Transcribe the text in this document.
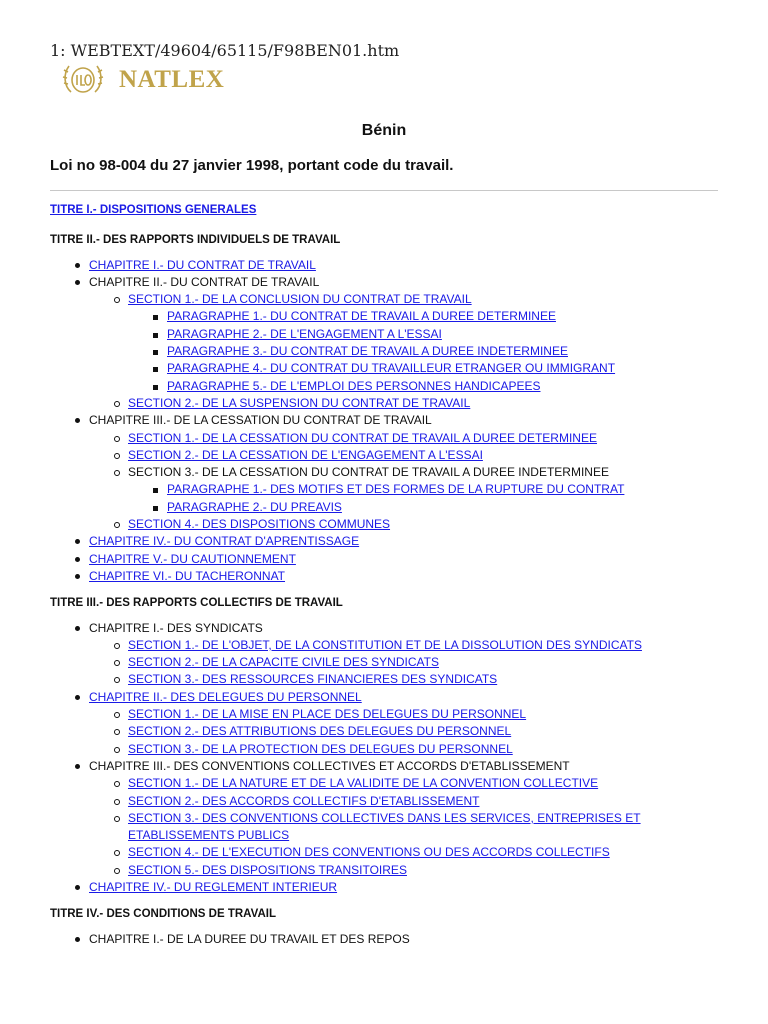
1: WEBTEXT/49604/65115/F98BEN01.htm
NATLEX
Bénin
Loi no 98-004 du 27 janvier 1998, portant code du travail.

TITRE I.- DISPOSITIONS GENERALES

TITRE II.- DES RAPPORTS INDIVIDUELS DE TRAVAIL

CHAPITRE I.- DU CONTRAT DE TRAVAIL
CHAPITRE II.- DU CONTRAT DE TRAVAIL
SECTION 1.- DE LA CONCLUSION DU CONTRAT DE TRAVAIL
PARAGRAPHE 1.- DU CONTRAT DE TRAVAIL A DUREE DETERMINEE
PARAGRAPHE 2.- DE L'ENGAGEMENT A L'ESSAI
PARAGRAPHE 3.- DU CONTRAT DE TRAVAIL A DUREE INDETERMINEE
PARAGRAPHE 4.- DU CONTRAT DU TRAVAILLEUR ETRANGER OU IMMIGRANT
PARAGRAPHE 5.- DE L'EMPLOI DES PERSONNES HANDICAPEES
SECTION 2.- DE LA SUSPENSION DU CONTRAT DE TRAVAIL
CHAPITRE III.- DE LA CESSATION DU CONTRAT DE TRAVAIL
SECTION 1.- DE LA CESSATION DU CONTRAT DE TRAVAIL A DUREE DETERMINEE
SECTION 2.- DE LA CESSATION DE L'ENGAGEMENT A L'ESSAI
SECTION 3.- DE LA CESSATION DU CONTRAT DE TRAVAIL A DUREE INDETERMINEE
PARAGRAPHE 1.- DES MOTIFS ET DES FORMES DE LA RUPTURE DU CONTRAT
PARAGRAPHE 2.- DU PREAVIS
SECTION 4.- DES DISPOSITIONS COMMUNES
CHAPITRE IV.- DU CONTRAT D'APRENTISSAGE
CHAPITRE V.- DU CAUTIONNEMENT
CHAPITRE VI.- DU TACHERONNAT

TITRE III.- DES RAPPORTS COLLECTIFS DE TRAVAIL

CHAPITRE I.- DES SYNDICATS
SECTION 1.- DE L'OBJET, DE LA CONSTITUTION ET DE LA DISSOLUTION DES SYNDICATS
SECTION 2.- DE LA CAPACITE CIVILE DES SYNDICATS
SECTION 3.- DES RESSOURCES FINANCIERES DES SYNDICATS
CHAPITRE II.- DES DELEGUES DU PERSONNEL
SECTION 1.- DE LA MISE EN PLACE DES DELEGUES DU PERSONNEL
SECTION 2.- DES ATTRIBUTIONS DES DELEGUES DU PERSONNEL
SECTION 3.- DE LA PROTECTION DES DELEGUES DU PERSONNEL
CHAPITRE III.- DES CONVENTIONS COLLECTIVES ET ACCORDS D'ETABLISSEMENT
SECTION 1.- DE LA NATURE ET DE LA VALIDITE DE LA CONVENTION COLLECTIVE
SECTION 2.- DES ACCORDS COLLECTIFS D'ETABLISSEMENT
SECTION 3.- DES CONVENTIONS COLLECTIVES DANS LES SERVICES, ENTREPRISES ET ETABLISSEMENTS PUBLICS
SECTION 4.- DE L'EXECUTION DES CONVENTIONS OU DES ACCORDS COLLECTIFS
SECTION 5.- DES DISPOSITIONS TRANSITOIRES
CHAPITRE IV.- DU REGLEMENT INTERIEUR

TITRE IV.- DES CONDITIONS DE TRAVAIL

CHAPITRE I.- DE LA DUREE DU TRAVAIL ET DES REPOS
